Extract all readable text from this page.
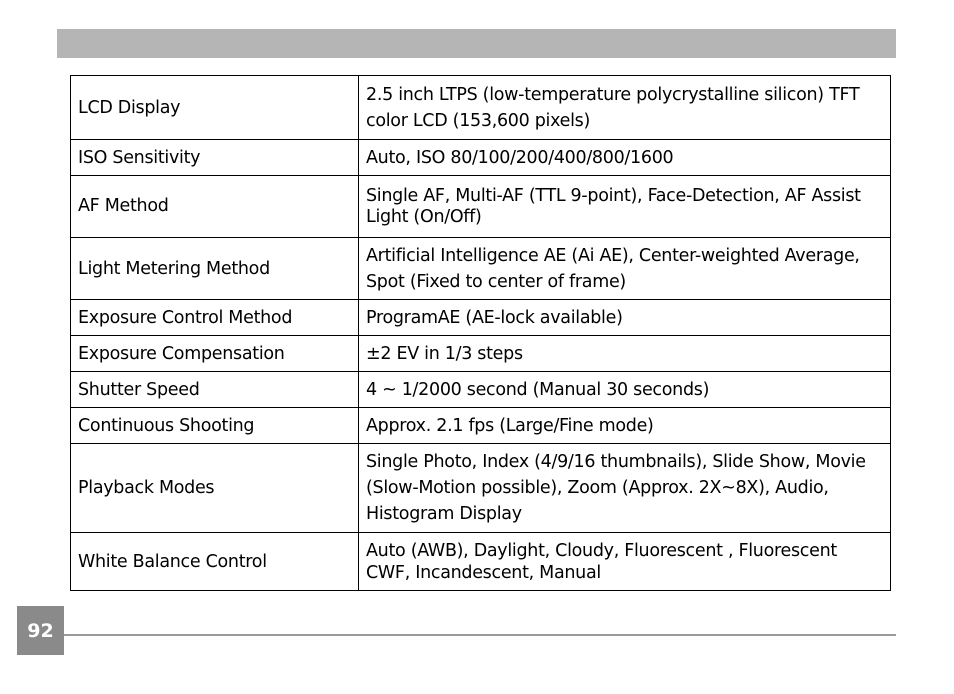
LCD Display	2.5 inch LTPS (low-temperature polycrystalline silicon) TFT color LCD (153,600 pixels)
ISO Sensitivity	Auto, ISO 80/100/200/400/800/1600
AF Method	Single AF, Multi-AF (TTL 9-point), Face-Detection, AF Assist Light (On/Off)
Light Metering Method	Artificial Intelligence AE (Ai AE), Center-weighted Average, Spot (Fixed to center of frame)
Exposure Control Method	ProgramAE (AE-lock available)
Exposure Compensation	±2 EV in 1/3 steps
Shutter Speed	4 ~ 1/2000 second (Manual 30 seconds)
Continuous Shooting	Approx. 2.1 fps (Large/Fine mode)
Playback Modes	Single Photo, Index (4/9/16 thumbnails), Slide Show, Movie (Slow-Motion possible), Zoom (Approx. 2X~8X), Audio, Histogram Display
White Balance Control	Auto (AWB), Daylight, Cloudy, Fluorescent , Fluorescent CWF, Incandescent, Manual
92
